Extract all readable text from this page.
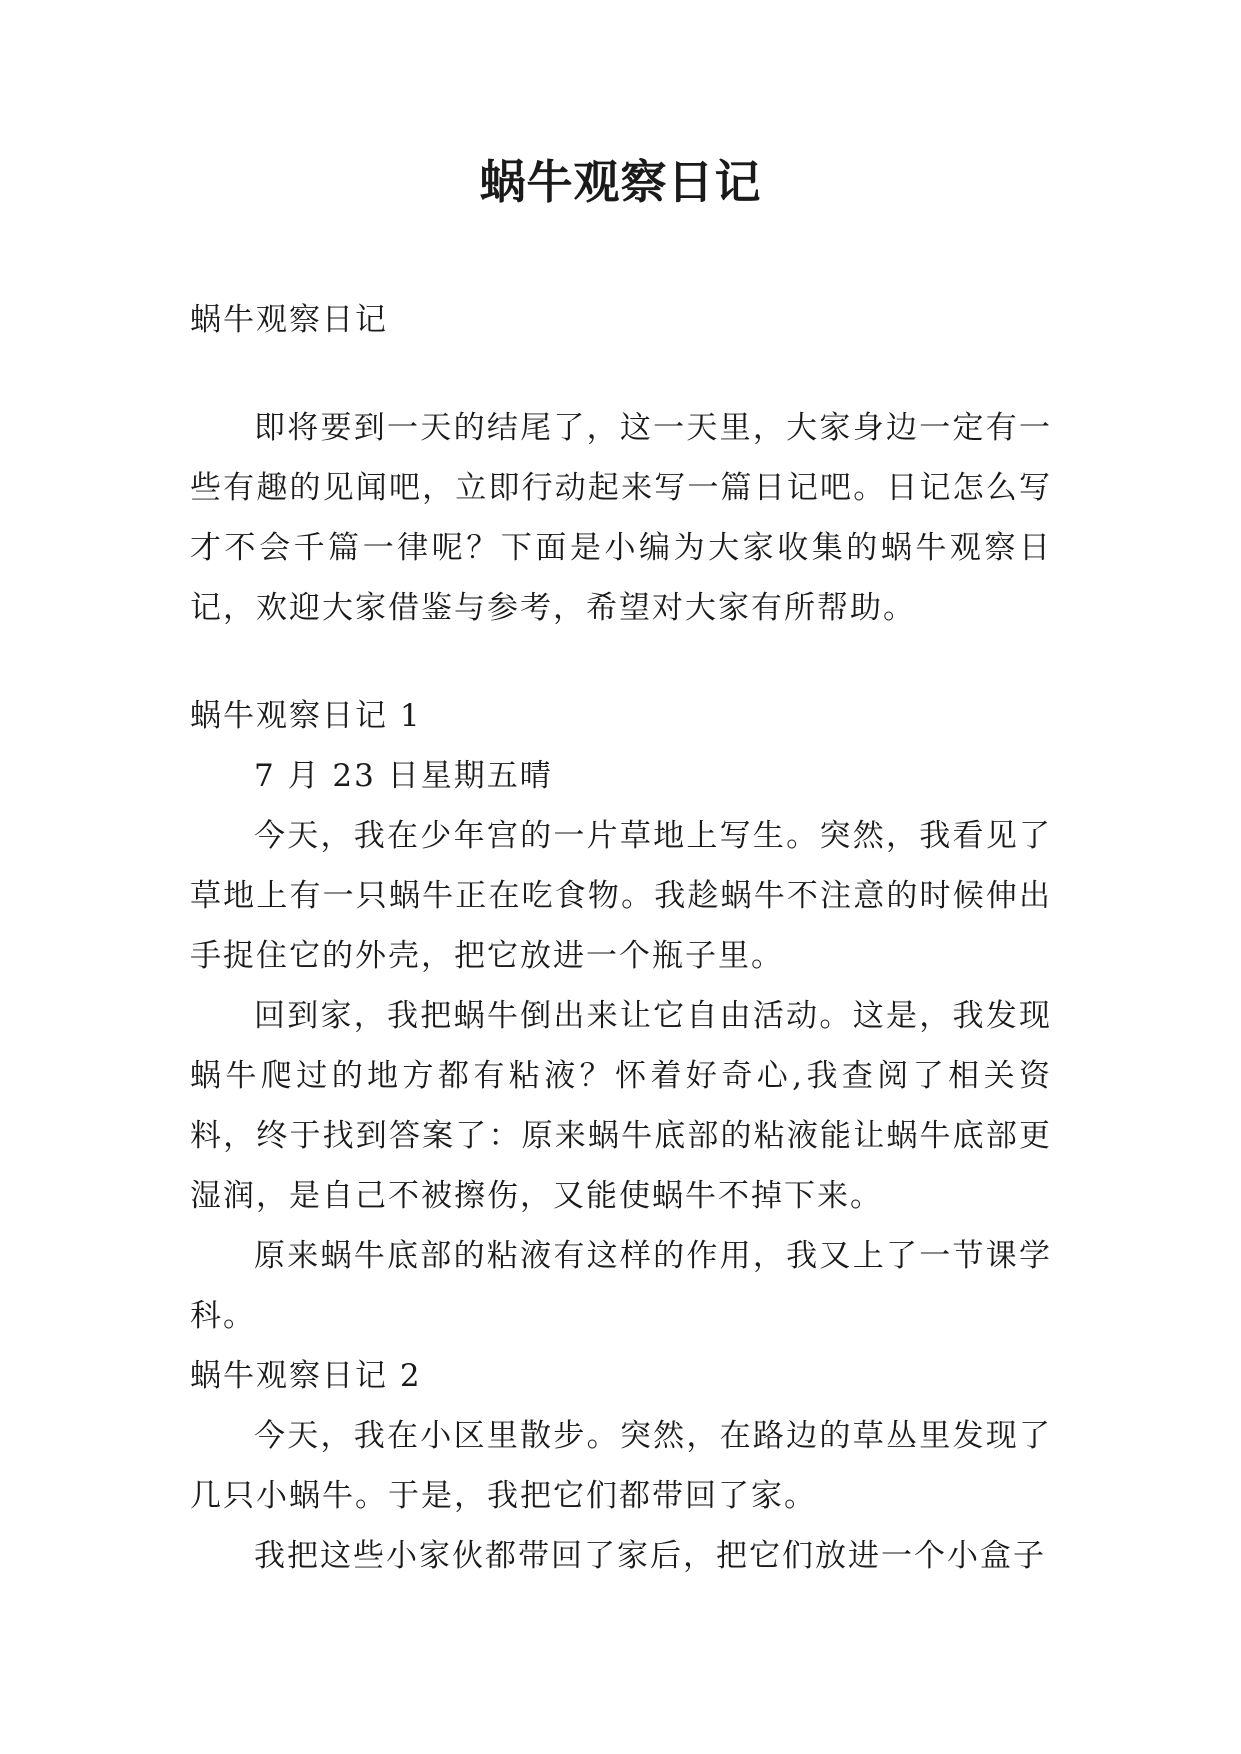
蜗牛观察日记

蜗牛观察日记

即将要到一天的结尾了，这一天里，大家身边一定有一些有趣的见闻吧，立即行动起来写一篇日记吧。日记怎么写才不会千篇一律呢？下面是小编为大家收集的蜗牛观察日记，欢迎大家借鉴与参考，希望对大家有所帮助。

蜗牛观察日记 1

7 月 23 日星期五晴

今天，我在少年宫的一片草地上写生。突然，我看见了草地上有一只蜗牛正在吃食物。我趁蜗牛不注意的时候伸出手捉住它的外壳，把它放进一个瓶子里。

回到家，我把蜗牛倒出来让它自由活动。这是，我发现蜗牛爬过的地方都有粘液？怀着好奇心,我查阅了相关资料，终于找到答案了：原来蜗牛底部的粘液能让蜗牛底部更湿润，是自己不被擦伤，又能使蜗牛不掉下来。

原来蜗牛底部的粘液有这样的作用，我又上了一节课学科。

蜗牛观察日记 2

今天，我在小区里散步。突然，在路边的草丛里发现了几只小蜗牛。于是，我把它们都带回了家。

我把这些小家伙都带回了家后，把它们放进一个小盒子
